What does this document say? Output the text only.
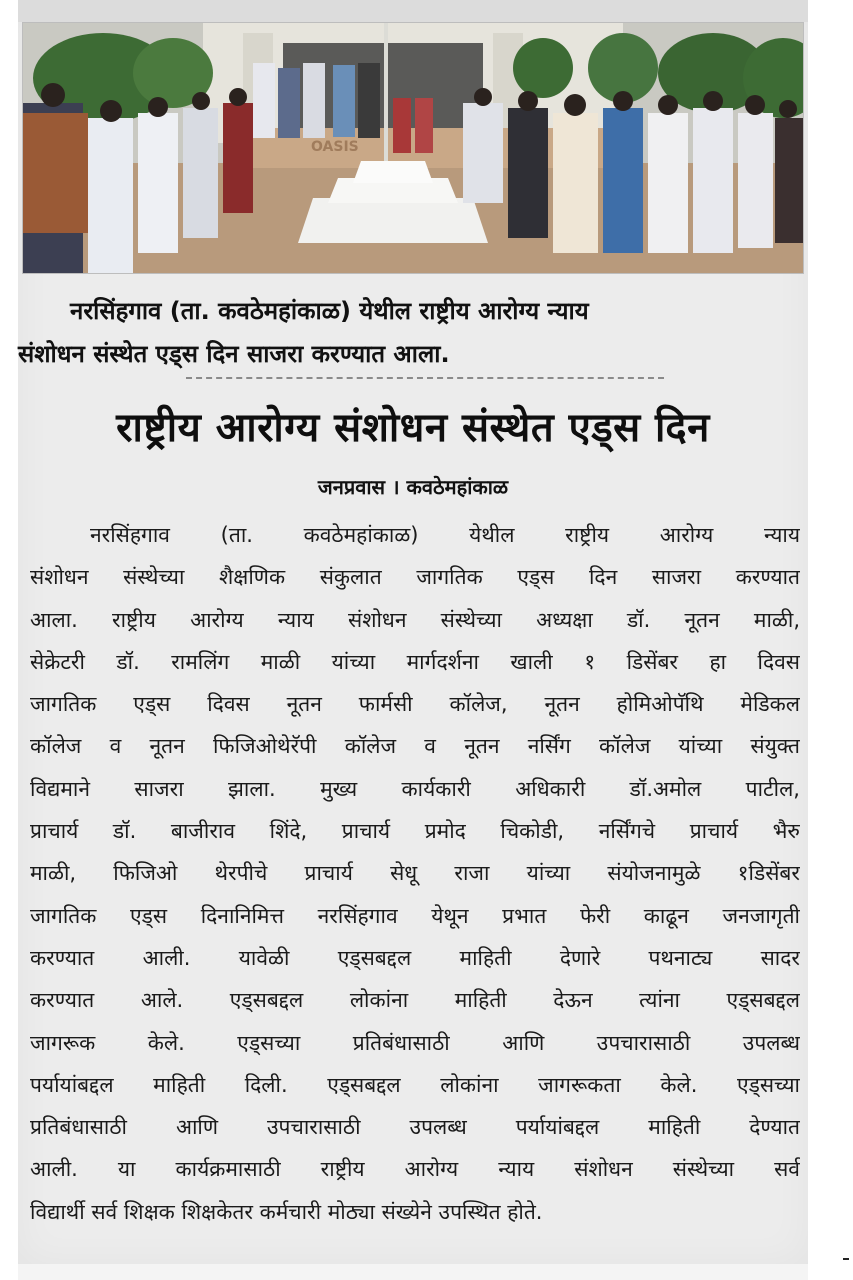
OASIS
नरसिंहगाव (ता. कवठेमहांकाळ) येथील राष्ट्रीय आरोग्य न्याय
संशोधन संस्थेत एड्स दिन साजरा करण्यात आला.
राष्ट्रीय आरोग्य संशोधन संस्थेत एड्स दिन
जनप्रवास । कवठेमहांकाळ
नरसिंहगाव (ता. कवठेमहांकाळ) येथील राष्ट्रीय आरोग्य न्याय
संशोधन संस्थेच्या शैक्षणिक संकुलात जागतिक एड्स दिन साजरा करण्यात
आला. राष्ट्रीय आरोग्य न्याय संशोधन संस्थेच्या अध्यक्षा डॉ. नूतन माळी,
सेक्रेटरी डॉ. रामलिंग माळी यांच्या मार्गदर्शना खाली १ डिसेंबर हा दिवस
जागतिक एड्स दिवस नूतन फार्मसी कॉलेज, नूतन होमिओपॅथि मेडिकल
कॉलेज व नूतन फिजिओथेरॅपी कॉलेज व नूतन नर्सिंग कॉलेज यांच्या संयुक्त
विद्यमाने साजरा झाला. मुख्य कार्यकारी अधिकारी डॉ.अमोल पाटील,
प्राचार्य डॉ. बाजीराव शिंदे, प्राचार्य प्रमोद चिकोडी, नर्सिंगचे प्राचार्य भैरु
माळी, फिजिओ थेरपीचे प्राचार्य सेधू राजा यांच्या संयोजनामुळे १डिसेंबर
जागतिक एड्स दिनानिमित्त नरसिंहगाव येथून प्रभात फेरी काढून जनजागृती
करण्यात आली. यावेळी एड्सबद्दल माहिती देणारे पथनाट्य सादर
करण्यात आले. एड्सबद्दल लोकांना माहिती देऊन त्यांना एड्सबद्दल
जागरूक केले. एड्सच्या प्रतिबंधासाठी आणि उपचारासाठी उपलब्ध
पर्यायांबद्दल माहिती दिली. एड्सबद्दल लोकांना जागरूकता केले. एड्सच्या
प्रतिबंधासाठी आणि उपचारासाठी उपलब्ध पर्यायांबद्दल माहिती देण्यात
आली. या कार्यक्रमासाठी राष्ट्रीय आरोग्य न्याय संशोधन संस्थेच्या सर्व
विद्यार्थी सर्व शिक्षक शिक्षकेतर कर्मचारी मोठ्या संख्येने उपस्थित होते.
